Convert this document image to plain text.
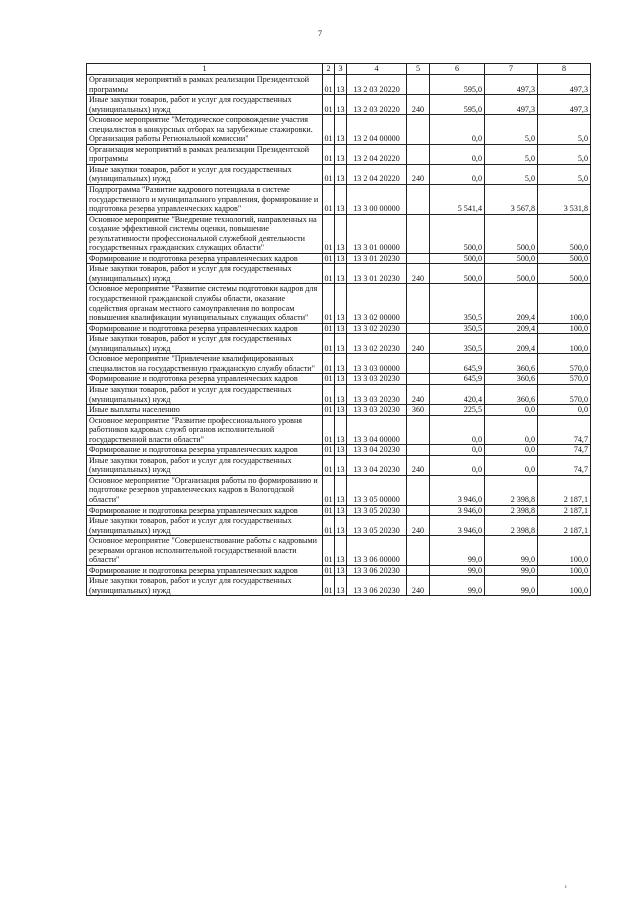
7
1	2	3	4	5	6	7	8
Организация мероприятий в рамках реализации Президентской программы	01	13	13 2 03 20220		595,0	497,3	497,3
Иные закупки товаров, работ и услуг для государственных (муниципальных) нужд	01	13	13 2 03 20220	240	595,0	497,3	497,3
Основное мероприятие "Методическое сопровождение участия специалистов в конкурсных отборах на зарубежные стажировки. Организация работы Региональной комиссии"	01	13	13 2 04 00000		0,0	5,0	5,0
Организация мероприятий в рамках реализации Президентской программы	01	13	13 2 04 20220		0,0	5,0	5,0
Иные закупки товаров, работ и услуг для государственных (муниципальных) нужд	01	13	13 2 04 20220	240	0,0	5,0	5,0
Подпрограмма "Развитие кадрового потенциала в системе государственного и муниципального управления, формирование и подготовка резерва управленческих кадров"	01	13	13 3 00 00000		5 541,4	3 567,8	3 531,8
Основное мероприятие "Внедрение технологий, направленных на создание эффективной системы оценки, повышение результативности профессиональной служебной деятельности государственных гражданских служащих области"	01	13	13 3 01 00000		500,0	500,0	500,0
Формирование и подготовка резерва управленческих кадров	01	13	13 3 01 20230		500,0	500,0	500,0
Иные закупки товаров, работ и услуг для государственных (муниципальных) нужд	01	13	13 3 01 20230	240	500,0	500,0	500,0
Основное мероприятие "Развитие системы подготовки кадров для государственной гражданской службы области, оказание содействия органам местного самоуправления по вопросам повышения квалификации муниципальных служащих области"	01	13	13 3 02 00000		350,5	209,4	100,0
Формирование и подготовка резерва управленческих кадров	01	13	13 3 02 20230		350,5	209,4	100,0
Иные закупки товаров, работ и услуг для государственных (муниципальных) нужд	01	13	13 3 02 20230	240	350,5	209,4	100,0
Основное мероприятие "Привлечение квалифицированных специалистов на государственную гражданскую службу области"	01	13	13 3 03 00000		645,9	360,6	570,0
Формирование и подготовка резерва управленческих кадров	01	13	13 3 03 20230		645,9	360,6	570,0
Иные закупки товаров, работ и услуг для государственных (муниципальных) нужд	01	13	13 3 03 20230	240	420,4	360,6	570,0
Иные выплаты населению	01	13	13 3 03 20230	360	225,5	0,0	0,0
Основное мероприятие "Развитие профессионального уровня работников кадровых служб органов исполнительной государственной власти области"	01	13	13 3 04 00000		0,0	0,0	74,7
Формирование и подготовка резерва управленческих кадров	01	13	13 3 04 20230		0,0	0,0	74,7
Иные закупки товаров, работ и услуг для государственных (муниципальных) нужд	01	13	13 3 04 20230	240	0,0	0,0	74,7
Основное мероприятие "Организация работы по формированию и подготовке резервов управленческих кадров в Вологодской области"	01	13	13 3 05 00000		3 946,0	2 398,8	2 187,1
Формирование и подготовка резерва управленческих кадров	01	13	13 3 05 20230		3 946,0	2 398,8	2 187,1
Иные закупки товаров, работ и услуг для государственных (муниципальных) нужд	01	13	13 3 05 20230	240	3 946,0	2 398,8	2 187,1
Основное мероприятие "Совершенствование работы с кадровыми резервами органов исполнительной государственной власти области"	01	13	13 3 06 00000		99,0	99,0	100,0
Формирование и подготовка резерва управленческих кадров	01	13	13 3 06 20230		99,0	99,0	100,0
Иные закупки товаров, работ и услуг для государственных (муниципальных) нужд	01	13	13 3 06 20230	240	99,0	99,0	100,0
ı
